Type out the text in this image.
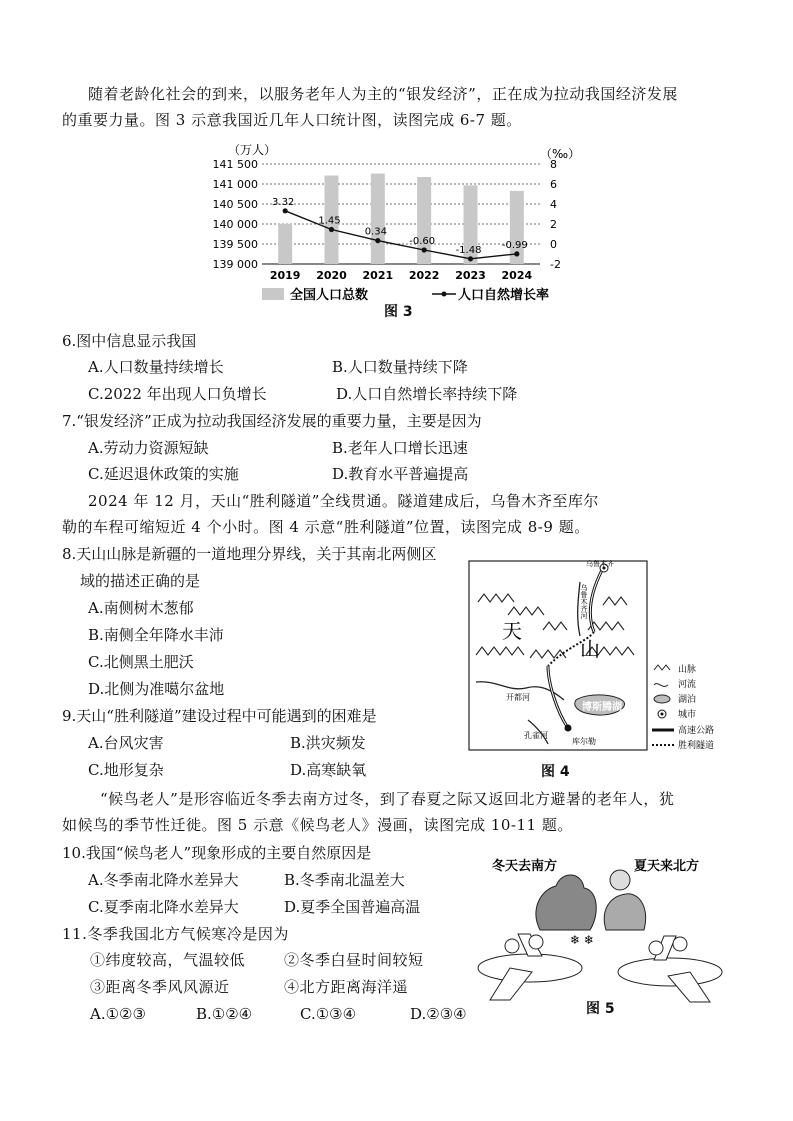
随着老龄化社会的到来，以服务老年人为主的“银发经济”，正在成为拉动我国经济发展
的重要力量。图 3 示意我国近几年人口统计图，读图完成 6-7 题。
（万人）	（‰）
141 500
141 000
140 500
140 000
139 500
139 000
8
6
4
2
0
-2
2019 2020 2021 2022 2023 2024
3.32
1.45
0.34
-0.60
-1.48 -0.99
全国人口总数	人口自然增长率
图 3
6.图中信息显示我国
A.人口数量持续增长	B.人口数量持续下降
C.2022 年出现人口负增长	D.人口自然增长率持续下降
7.“银发经济”正成为拉动我国经济发展的重要力量，主要是因为
A.劳动力资源短缺	B.老年人口增长迅速
C.延迟退休政策的实施	D.教育水平普遍提高
2024 年 12 月，天山“胜利隧道”全线贯通。隧道建成后，乌鲁木齐至库尔
勒的车程可缩短近 4 个小时。图 4 示意“胜利隧道”位置，读图完成 8-9 题。
8.天山山脉是新疆的一道地理分界线，关于其南北两侧区
域的描述正确的是
A.南侧树木葱郁
B.南侧全年降水丰沛
C.北侧黑土肥沃
D.北侧为准噶尔盆地
9.天山“胜利隧道”建设过程中可能遇到的困难是
A.台风灾害	B.洪灾频发
C.地形复杂	D.高寒缺氧
天
山
乌鲁木齐
乌鲁木齐河
开都河
孔雀河
博斯腾湖
库尔勒
山脉
河流
湖泊
城市
高速公路
胜利隧道
图 4
“候鸟老人”是形容临近冬季去南方过冬，到了春夏之际又返回北方避暑的老年人，犹
如候鸟的季节性迁徙。图 5 示意《候鸟老人》漫画，读图完成 10-11 题。
10.我国“候鸟老人”现象形成的主要自然原因是
A.冬季南北降水差异大	B.冬季南北温差大
C.夏季南北降水差异大	D.夏季全国普遍高温
11.冬季我国北方气候寒冷是因为
①纬度较高，气温较低	②冬季白昼时间较短
③距离冬季风风源近	④北方距离海洋遥
A.①②③	B.①②④	C.①③④	D.②③④
冬天去南方	夏天来北方
❄ ❄
图 5
